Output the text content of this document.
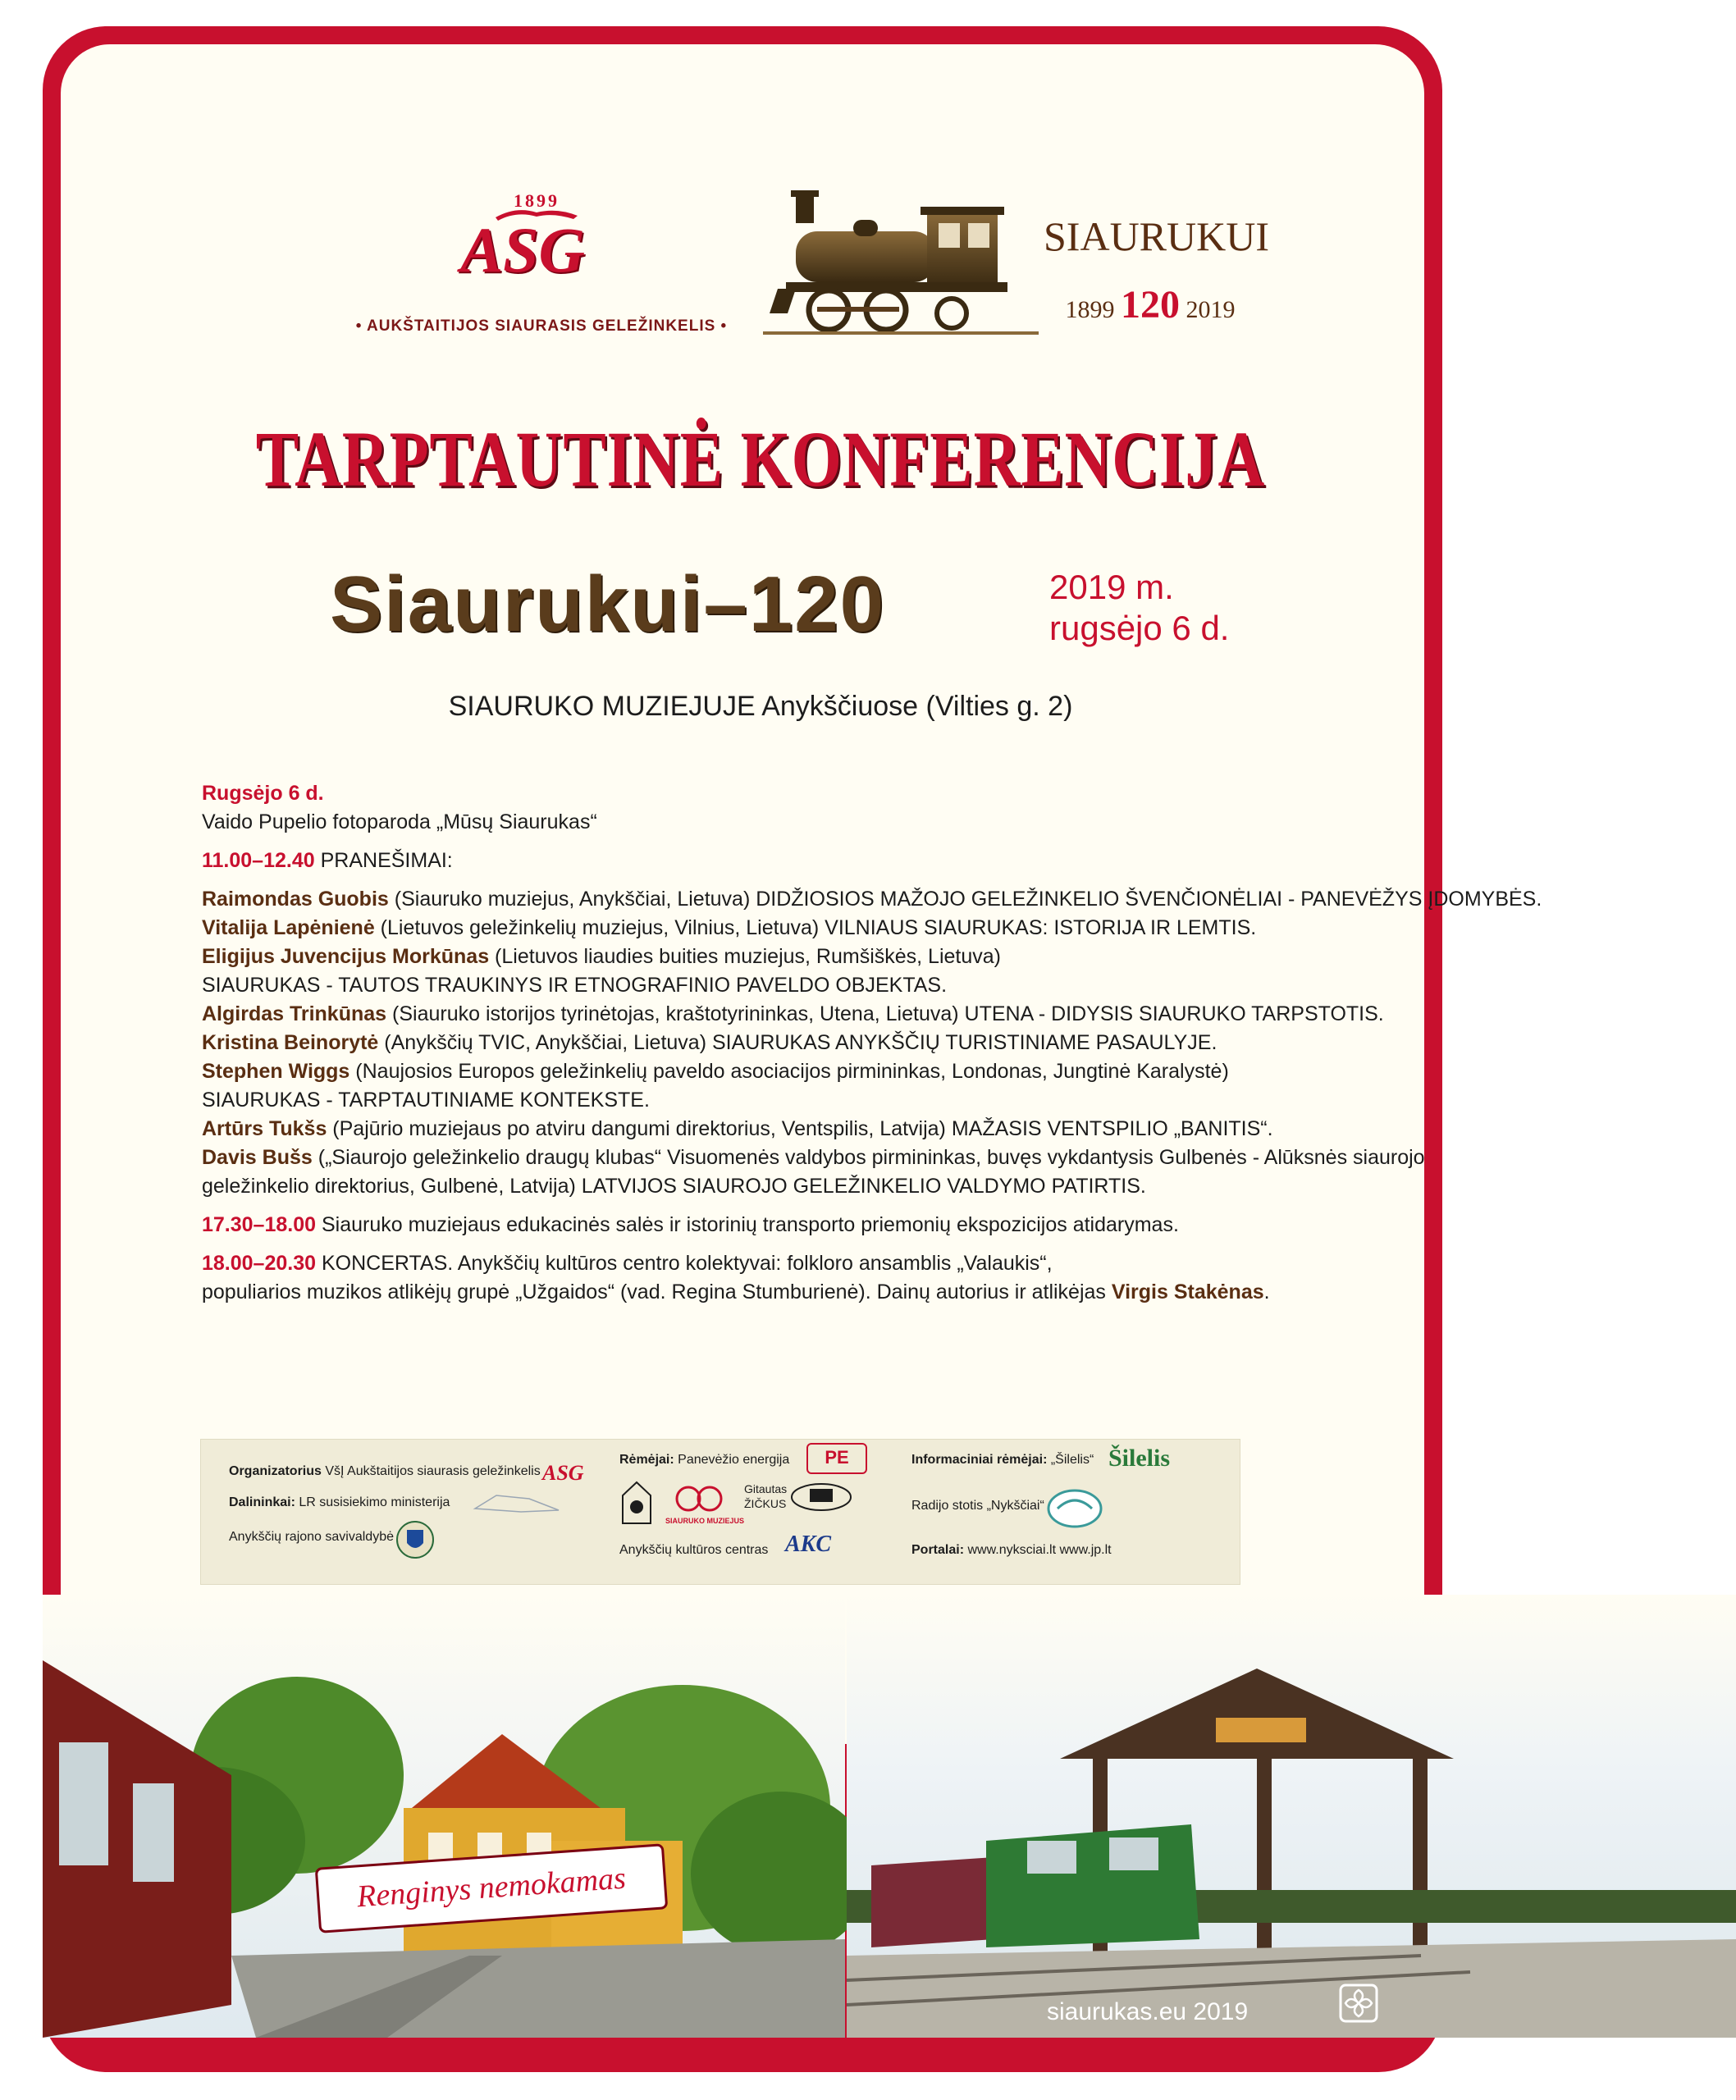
1899
ASG
• AUKŠTAITIJOS SIAURASIS GELEŽINKELIS •
SIAURUKUI
1899 120 2019
TARPTAUTINĖ KONFERENCIJA
Siaurukui–120	2019 m.
rugsėjo 6 d.
SIAURUKO MUZIEJUJE Anykščiuose (Vilties g. 2)
Rugsėjo 6 d.
Vaido Pupelio fotoparoda „Mūsų Siaurukas“
11.00–12.40 PRANEŠIMAI:
Raimondas Guobis (Siauruko muziejus, Anykščiai, Lietuva) DIDŽIOSIOS MAŽOJO GELEŽINKELIO ŠVENČIONĖLIAI - PANEVĖŽYS ĮDOMYBĖS.
Vitalija Lapėnienė (Lietuvos geležinkelių muziejus, Vilnius, Lietuva) VILNIAUS SIAURUKAS: ISTORIJA IR LEMTIS.
Eligijus Juvencijus Morkūnas (Lietuvos liaudies buities muziejus, Rumšiškės, Lietuva)
SIAURUKAS - TAUTOS TRAUKINYS IR ETNOGRAFINIO PAVELDO OBJEKTAS.
Algirdas Trinkūnas (Siauruko istorijos tyrinėtojas, kraštotyrininkas, Utena, Lietuva) UTENA - DIDYSIS SIAURUKO TARPSTOTIS.
Kristina Beinorytė (Anykščių TVIC, Anykščiai, Lietuva) SIAURUKAS ANYKŠČIŲ TURISTINIAME PASAULYJE.
Stephen Wiggs (Naujosios Europos geležinkelių paveldo asociacijos pirmininkas, Londonas, Jungtinė Karalystė)
SIAURUKAS - TARPTAUTINIAME KONTEKSTE.
Artūrs Tukšs (Pajūrio muziejaus po atviru dangumi direktorius, Ventspilis, Latvija) MAŽASIS VENTSPILIO „BANITIS“.
Davis Bušs („Siaurojo geležinkelio draugų klubas“ Visuomenės valdybos pirmininkas, buvęs vykdantysis Gulbenės - Alūksnės siaurojo
geležinkelio direktorius, Gulbenė, Latvija) LATVIJOS SIAUROJO GELEŽINKELIO VALDYMO PATIRTIS.
17.30–18.00 Siauruko muziejaus edukacinės salės ir istorinių transporto priemonių ekspozicijos atidarymas.
18.00–20.30 KONCERTAS. Anykščių kultūros centro kolektyvai: folkloro ansamblis „Valaukis“,
populiarios muzikos atlikėjų grupė „Užgaidos“ (vad. Regina Stumburienė). Dainų autorius ir atlikėjas Virgis Stakėnas.
Organizatorius VšĮ Aukštaitijos siaurasis geležinkelis ASG
Dalininkai: LR susisiekimo ministerija
Anykščių rajono savivaldybė
Rėmėjai: Panevėžio energija	PE
SIAURUKO MUZIEJUS
Gitautas
ŽIČKUS
Anykščių kultūros centras AKC
Informaciniai rėmėjai: „Šilelis“ Šilelis
Radijo stotis „Nykščiai“
Portalai: www.nyksciai.lt www.jp.lt
Renginys nemokamas
siaurukas.eu 2019
